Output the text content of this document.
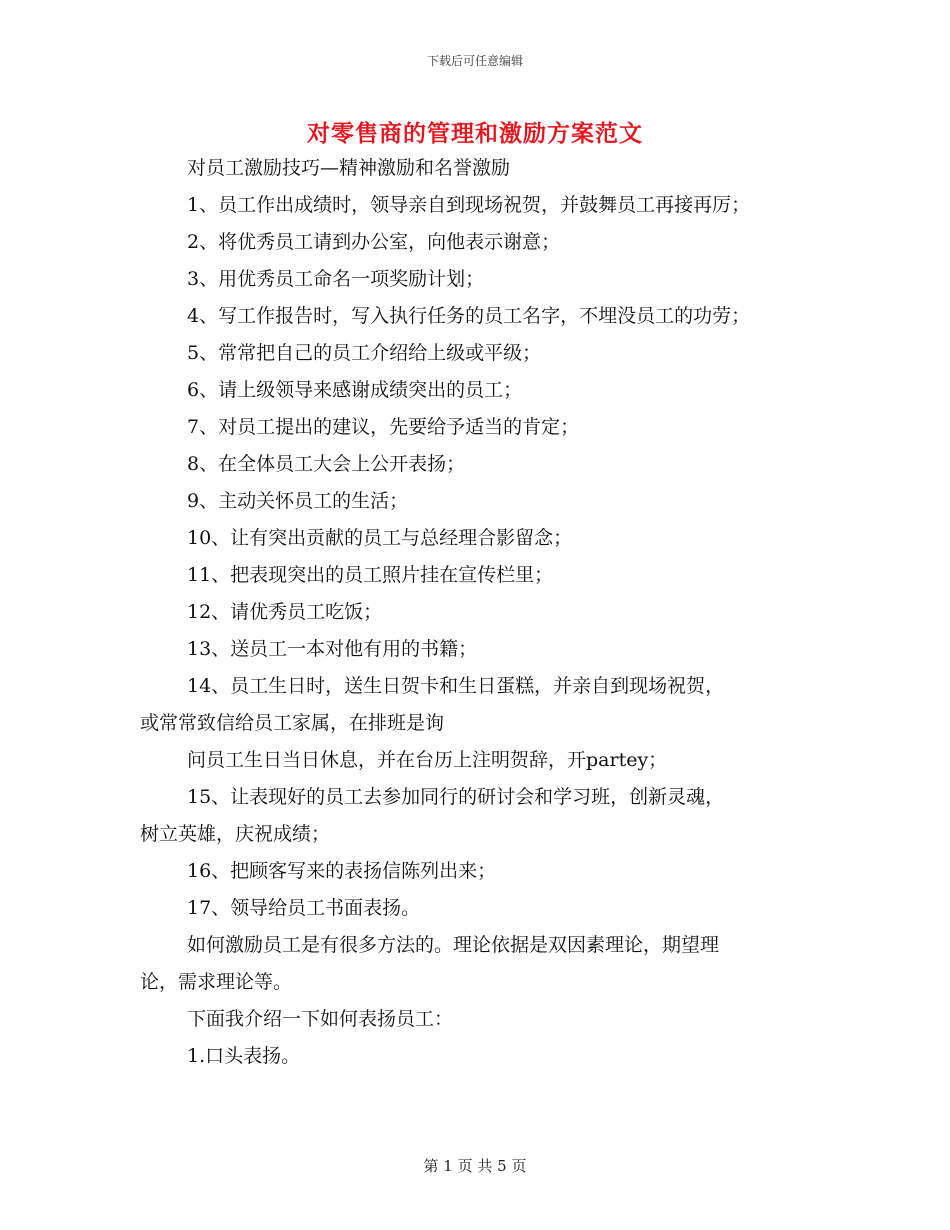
下载后可任意编辑
对零售商的管理和激励方案范文

对员工激励技巧—精神激励和名誉激励

1、员工作出成绩时，领导亲自到现场祝贺，并鼓舞员工再接再厉；

2、将优秀员工请到办公室，向他表示谢意；

3、用优秀员工命名一项奖励计划；

4、写工作报告时，写入执行任务的员工名字，不埋没员工的功劳；

5、常常把自己的员工介绍给上级或平级；

6、请上级领导来感谢成绩突出的员工；

7、对员工提出的建议，先要给予适当的肯定；

8、在全体员工大会上公开表扬；

9、主动关怀员工的生活；

10、让有突出贡献的员工与总经理合影留念；

11、把表现突出的员工照片挂在宣传栏里；

12、请优秀员工吃饭；

13、送员工一本对他有用的书籍；

14、员工生日时，送生日贺卡和生日蛋糕，并亲自到现场祝贺，

或常常致信给员工家属，在排班是询

问员工生日当日休息，并在台历上注明贺辞，开partey；

15、让表现好的员工去参加同行的研讨会和学习班，创新灵魂，

树立英雄，庆祝成绩；

16、把顾客写来的表扬信陈列出来；

17、领导给员工书面表扬。

如何激励员工是有很多方法的。理论依据是双因素理论，期望理

论，需求理论等。

下面我介绍一下如何表扬员工：

1.口头表扬。

第 1 页 共 5 页
